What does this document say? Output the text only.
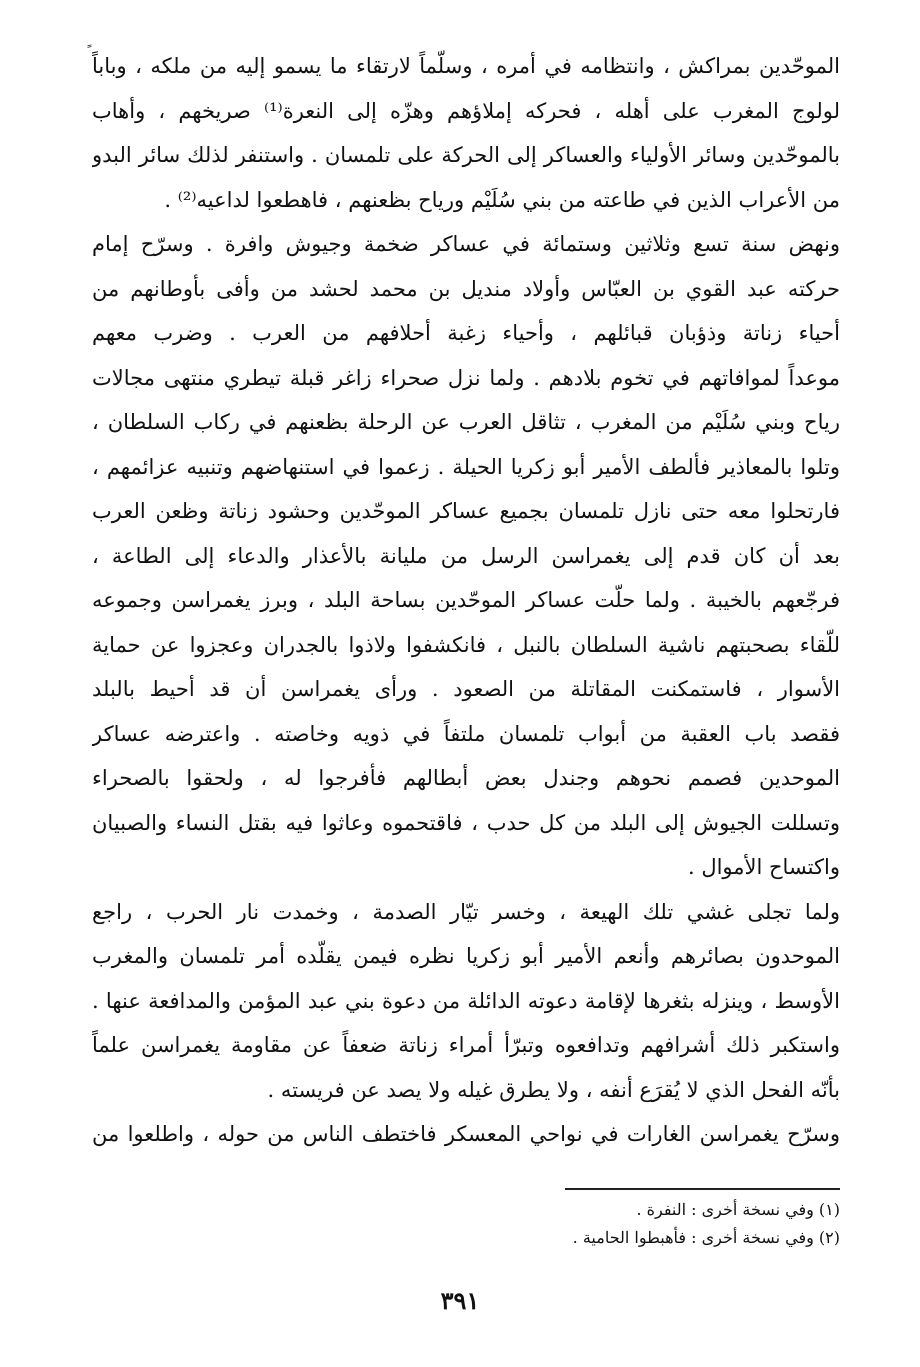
الموحّدين بمراكش ، وانتظامه في أمره ، وسلّماً لارتقاء ما يسمو إليه من ملكه ، وباباً
لولوج المغرب على أهله ، فحركه إملاؤهم وهزّه إلى النعرة⁽¹⁾ صريخهم ، وأهاب
بالموحّدين وسائر الأولياء والعساكر إلى الحركة على تلمسان . واستنفر لذلك سائر البدو
من الأعراب الذين في طاعته من بني سُلَيْم ورياح بظعنهم ، فاهطعوا لداعيه⁽²⁾ .
ونهض سنة تسع وثلاثين وستمائة في عساكر ضخمة وجيوش وافرة . وسرّح إمام
حركته عبد القوي بن العبّاس وأولاد منديل بن محمد لحشد من وأفى بأوطانهم من
أحياء زناتة وذؤبان قبائلهم ، وأحياء زغبة أحلافهم من العرب . وضرب معهم
موعداً لموافاتهم في تخوم بلادهم . ولما نزل صحراء زاغر قبلة تيطري منتهى مجالات
رياح وبني سُلَيْم من المغرب ، تثاقل العرب عن الرحلة بظعنهم في ركاب السلطان ،
وتلوا بالمعاذير فألطف الأمير أبو زكريا الحيلة . زعموا في استنهاضهم وتنبيه عزائمهم ،
فارتحلوا معه حتى نازل تلمسان بجميع عساكر الموحّدين وحشود زناتة وظعن العرب
بعد أن كان قدم إلى يغمراسن الرسل من مليانة بالأعذار والدعاء إلى الطاعة ،
فرجّعهم بالخيبة . ولما حلّت عساكر الموحّدين بساحة البلد ، وبرز يغمراسن وجموعه
للّقاء بصحبتهم ناشية السلطان بالنبل ، فانكشفوا ولاذوا بالجدران وعجزوا عن حماية
الأسوار ، فاستمكنت المقاتلة من الصعود . ورأى يغمراسن أن قد أحيط بالبلد
فقصد باب العقبة من أبواب تلمسان ملتفاً في ذويه وخاصته . واعترضه عساكر
الموحدين فصمم نحوهم وجندل بعض أبطالهم فأفرجوا له ، ولحقوا بالصحراء
وتسللت الجيوش إلى البلد من كل حدب ، فاقتحموه وعاثوا فيه بقتل النساء والصبيان
واكتساح الأموال .
ولما تجلى غشي تلك الهيعة ، وخسر تيّار الصدمة ، وخمدت نار الحرب ، راجع
الموحدون بصائرهم وأنعم الأمير أبو زكريا نظره فيمن يقلّده أمر تلمسان والمغرب
الأوسط ، وينزله بثغرها لإقامة دعوته الدائلة من دعوة بني عبد المؤمن والمدافعة عنها .
واستكبر ذلك أشرافهم وتدافعوه وتبرّأ أمراء زناتة ضعفاً عن مقاومة يغمراسن علماً
بأنّه الفحل الذي لا يُقرَع أنفه ، ولا يطرق غيله ولا يصد عن فريسته .
وسرّح يغمراسن الغارات في نواحي المعسكر فاختطف الناس من حوله ، واطلعوا من
(١) وفي نسخة أخرى : النفرة .
(٢) وفي نسخة أخرى : فأهبطوا الحامية .
٣٩١
